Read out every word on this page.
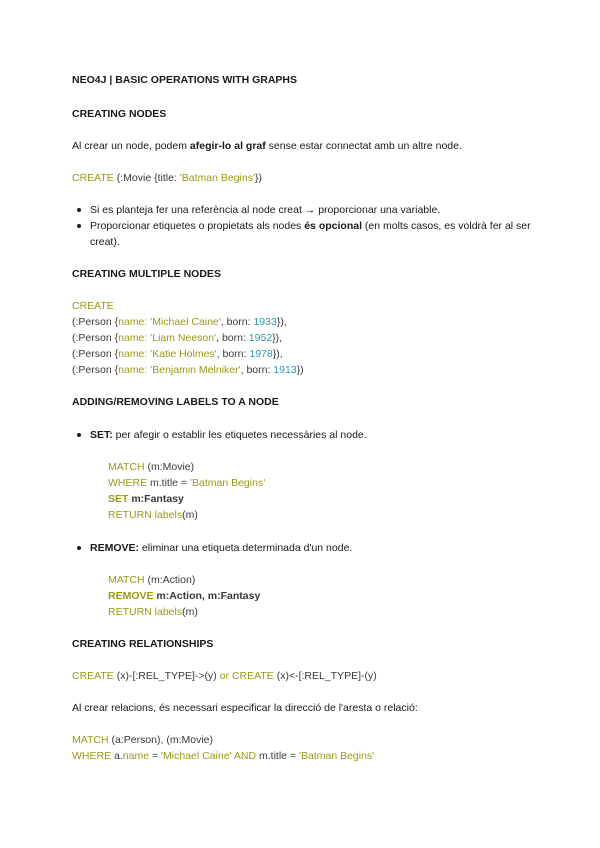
NEO4J | BASIC OPERATIONS WITH GRAPHS
CREATING NODES
Al crear un node, podem afegir-lo al graf sense estar connectat amb un altre node.
CREATE (:Movie {title: 'Batman Begins'})
Si es planteja fer una referència al node creat → proporcionar una variable.
Proporcionar etiquetes o propietats als nodes és opcional (en molts casos, es voldrà fer al ser creat).
CREATING MULTIPLE NODES
CREATE
(:Person {name: 'Michael Caine', born: 1933}),
(:Person {name: 'Liam Neeson', born: 1952}),
(:Person {name: 'Katie Holmes', born: 1978}),
(:Person {name: 'Benjamin Melniker', born: 1913})
ADDING/REMOVING LABELS TO A NODE
SET: per afegir o establir les etiquetes necessàries al node.
MATCH (m:Movie)
WHERE m.title = 'Batman Begins'
SET m:Fantasy
RETURN labels(m)
REMOVE: eliminar una etiqueta determinada d'un node.
MATCH (m:Action)
REMOVE m:Action, m:Fantasy
RETURN labels(m)
CREATING RELATIONSHIPS
CREATE (x)-[:REL_TYPE]->(y) or CREATE (x)<-[:REL_TYPE]-(y)
Al crear relacions, és necessari especificar la direcció de l'aresta o relació:
MATCH (a:Person), (m:Movie)
WHERE a.name = 'Michael Caine' AND m.title = 'Batman Begins'
